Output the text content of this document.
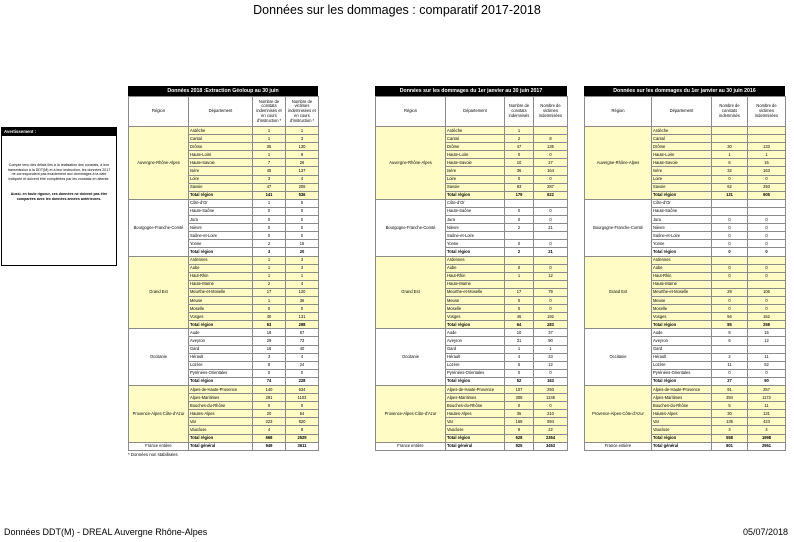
Données sur les dommages : comparatif 2017-2018
Avertissement :
Compte tenu des délais liés à la réalisation des constats, à leur transmission à la DDT(M) et à leur instruction, les données 2017 ne correspondent pas exactement aux dommages à la date indiquée et doivent être complétées par les constats en attente.
Aussi, en toute rigueur, ces données ne doivent pas être comparées avec les données années antérieures.
Données 2018 :Extraction Géoloup au 30 juin
Région	Département	Nombre de constats indemnisés et en cours d'instruction *	Nombre de victimes indemnisées et en cours d'instruction *
Auvergne-Rhône-Alpes	Ardèche	1	1
	Cantal	1	3
	Drôme	35	130
	Haute-Loire	1	9
	Haute-Savoie	7	26
	Isère	45	137
	Loire	3	4
	Savoie	47	206
	Total région	141	536
Bourgogne-Franche-Comté	Côte-d'Or	1	5
	Haute-Saône	0	0
	Jura	0	0
	Nièvre	0	0
	Saône-et-Loire	0	0
	Yonne	2	15
	Total région	3	20
Grand Est	Ardennes	1	3
	Aube	1	3
	Haut-Rhin	1	1
	Haute-Marne	2	4
	Meurthe-et-Moselle	17	120
	Meuse	1	36
	Moselle	0	0
	Vosges	40	131
	Total région	63	298
Occitanie	Aude	18	87
	Aveyron	29	73
	Gard	16	40
	Hérault	3	4
	Lozère	8	24
	Pyrénées-Orientales	0	0
	Total région	74	228
Provence-Alpes-Côte-d'Azur	Alpes-de-Haute-Provence	140	534
	Alpes-Maritimes	281	1103
	Bouches-du-Rhône	0	0
	Hautes-Alpes	20	64
	Var	223	820
	Vaucluse	4	8
	Total région	668	2529
France entière	Total général	949	3611
* Données non stabilisées
Données sur les dommages du 1er janvier au 30 juin 2017
Région	Département	Nombre de constats indemnisés	Nombre de victimes indemnisées
Auvergne-Rhône-Alpes	Ardèche	1	
	Cantal	2	8
	Drôme	47	135
	Haute-Loire	0	0
	Haute-Savoie	10	27
	Isère	36	164
	Loire	0	0
	Savoie	83	287
	Total région	179	622
Bourgogne-Franche-Comté	Côte-d'Or		
	Haute-Saône	0	0
	Jura	0	0
	Nièvre	2	21
	Saône-et-Loire		
	Yonne	0	0
	Total région	2	21
Grand Est	Ardennes		
	Aube	0	0
	Haut-Rhin	1	12
	Haute-Marne		
	Meurthe-et-Moselle	17	79
	Meuse	0	0
	Moselle	0	0
	Vosges	46	192
	Total région	64	283
Occitanie	Aude	10	37
	Aveyron	31	90
	Gard	1	1
	Hérault	4	23
	Lozère	6	12
	Pyrénées-Orientales	0	0
	Total région	52	163
Provence-Alpes-Côte-d'Azur	Alpes-de-Haute-Provence	107	293
	Alpes-Maritimes	308	1245
	Bouches-du-Rhône	0	0
	Hautes-Alpes	35	210
	Var	169	594
	Vaucluse	9	22
	Total région	628	2364
France entière	Total général	925	3453
Données sur les dommages du 1er janvier au 30 juin 2016
Région	Département	Nombre de constats indemnisés	Nombre de victimes indemnisées
Auvergne-Rhône-Alpes	Ardèche		
	Cantal		
	Drôme	30	133
	Haute-Loire	1	1
	Haute-Savoie	6	15
	Isère	32	163
	Loire	0	0
	Savoie	62	293
	Total région	131	605
Bourgogne-Franche-Comté	Côte-d'Or		
	Haute-Saône		
	Jura	0	0
	Nièvre	0	0
	Saône-et-Loire	0	0
	Yonne	0	0
	Total région	0	0
Grand Est	Ardennes		
	Aube	0	0
	Haut-Rhin	0	0
	Haute-Marne		
	Meurthe-et-Moselle	29	106
	Meuse	0	0
	Moselle	0	0
	Vosges	56	152
	Total région	85	258
Occitanie	Aude	8	15
	Aveyron	6	12
	Gard		
	Hérault	2	11
	Lozère	11	52
	Pyrénées-Orientales	0	0
	Total région	27	90
Provence-Alpes-Côte-d'Azur	Alpes-de-Haute-Provence	91	257
	Alpes-Maritimes	294	1172
	Bouches-du-Rhône	5	11
	Hautes-Alpes	30	131
	Var	135	423
	Vaucluse	3	4
	Total région	558	1998
France entière	Total général	801	2951
Données DDT(M) - DREAL Auvergne Rhône-Alpes	05/07/2018
